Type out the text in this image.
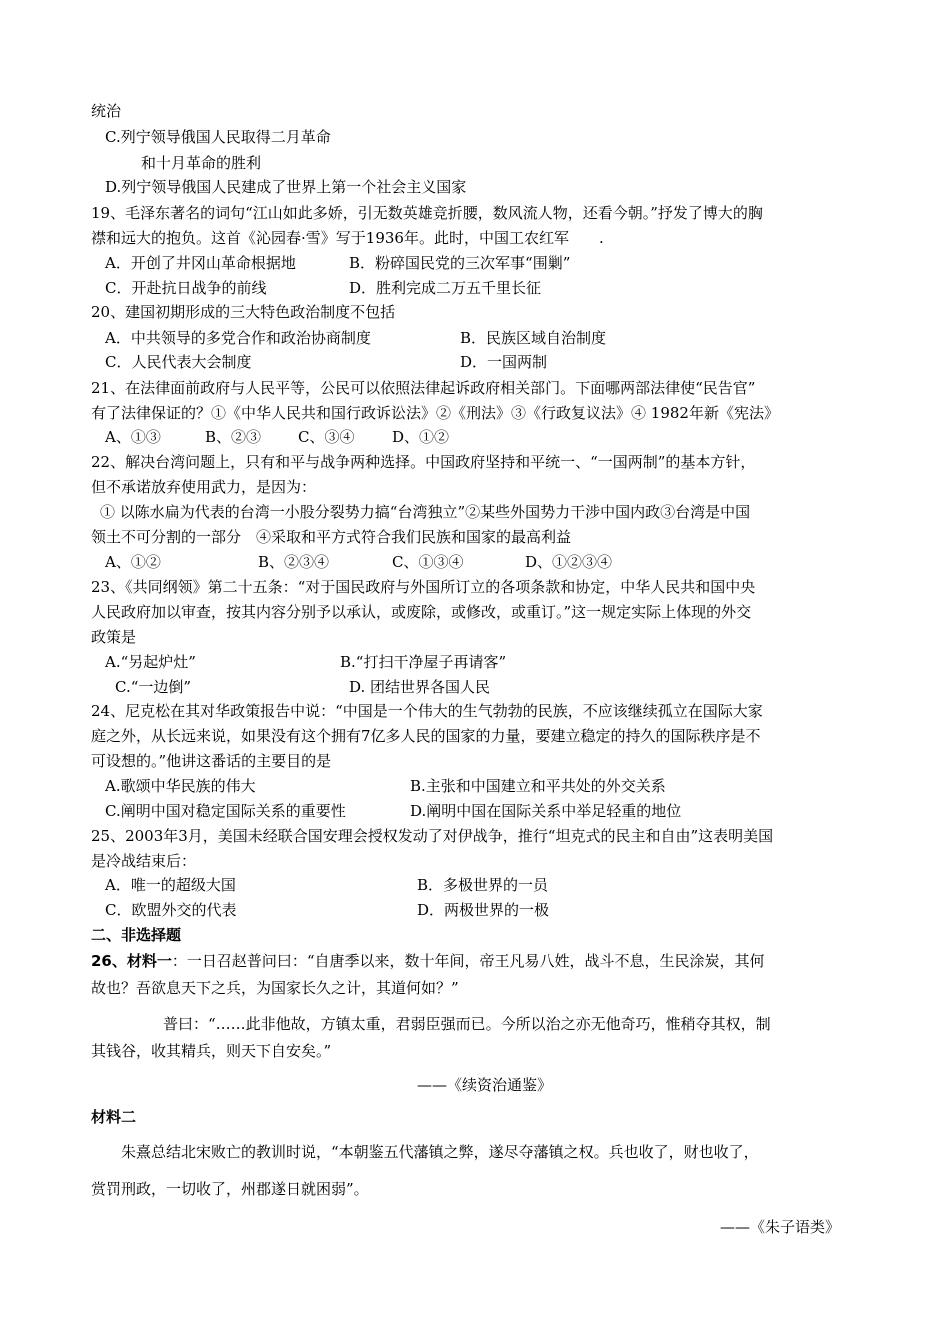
统治
C.列宁领导俄国人民取得二月革命
和十月革命的胜利
D.列宁领导俄国人民建成了世界上第一个社会主义国家
19、毛泽东著名的词句“江山如此多娇，引无数英雄竞折腰，数风流人物，还看今朝。”抒发了博大的胸
襟和远大的抱负。这首《沁园春·雪》写于1936年。此时，中国工农红军　　.
A．开创了井冈山革命根据地	B．粉碎国民党的三次军事“围剿”
C．开赴抗日战争的前线	D．胜利完成二万五千里长征
20、建国初期形成的三大特色政治制度不包括
A．中共领导的多党合作和政治协商制度	B．民族区域自治制度
C．人民代表大会制度	D．一国两制
21、在法律面前政府与人民平等，公民可以依照法律起诉政府相关部门。下面哪两部法律使“民告官”
有了法律保证的？①《中华人民共和国行政诉讼法》②《刑法》③《行政复议法》④ 1982年新《宪法》
A、①③	B、②③ C、③④	D、①②
22、解决台湾问题上，只有和平与战争两种选择。中国政府坚持和平统一、“一国两制”的基本方针，
但不承诺放弃使用武力，是因为：
① 以陈水扁为代表的台湾一小股分裂势力搞“台湾独立”②某些外国势力干涉中国内政③台湾是中国
领土不可分割的一部分　④采取和平方式符合我们民族和国家的最高利益
A、①②	B、②③④	C、①③④	D、①②③④
23、《共同纲领》第二十五条：“对于国民政府与外国所订立的各项条款和协定，中华人民共和国中央
人民政府加以审查，按其内容分别予以承认，或废除，或修改，或重订。”这一规定实际上体现的外交
政策是
A.“另起炉灶”	B.“打扫干净屋子再请客”
C.“一边倒”	D. 团结世界各国人民
24、尼克松在其对华政策报告中说：“中国是一个伟大的生气勃勃的民族，不应该继续孤立在国际大家
庭之外，从长远来说，如果没有这个拥有7亿多人民的国家的力量，要建立稳定的持久的国际秩序是不
可设想的。”他讲这番话的主要目的是
A.歌颂中华民族的伟大	B.主张和中国建立和平共处的外交关系
C.阐明中国对稳定国际关系的重要性	D.阐明中国在国际关系中举足轻重的地位
25、2003年3月，美国未经联合国安理会授权发动了对伊战争，推行“坦克式的民主和自由”这表明美国
是冷战结束后：
A．唯一的超级大国	B．多极世界的一员
C．欧盟外交的代表	D．两极世界的一极
二、非选择题
26、材料一：一日召赵普问曰：“自唐季以来，数十年间，帝王凡易八姓，战斗不息，生民涂炭，其何
故也？吾欲息天下之兵，为国家长久之计，其道何如？”
普曰：“……此非他故，方镇太重，君弱臣强而已。今所以治之亦无他奇巧，惟稍夺其权，制
其钱谷，收其精兵，则天下自安矣。”
——《续资治通鉴》
材料二
朱熹总结北宋败亡的教训时说，“本朝鉴五代藩镇之弊，遂尽夺藩镇之权。兵也收了，财也收了，
赏罚刑政，一切收了，州郡遂日就困弱”。
——《朱子语类》
